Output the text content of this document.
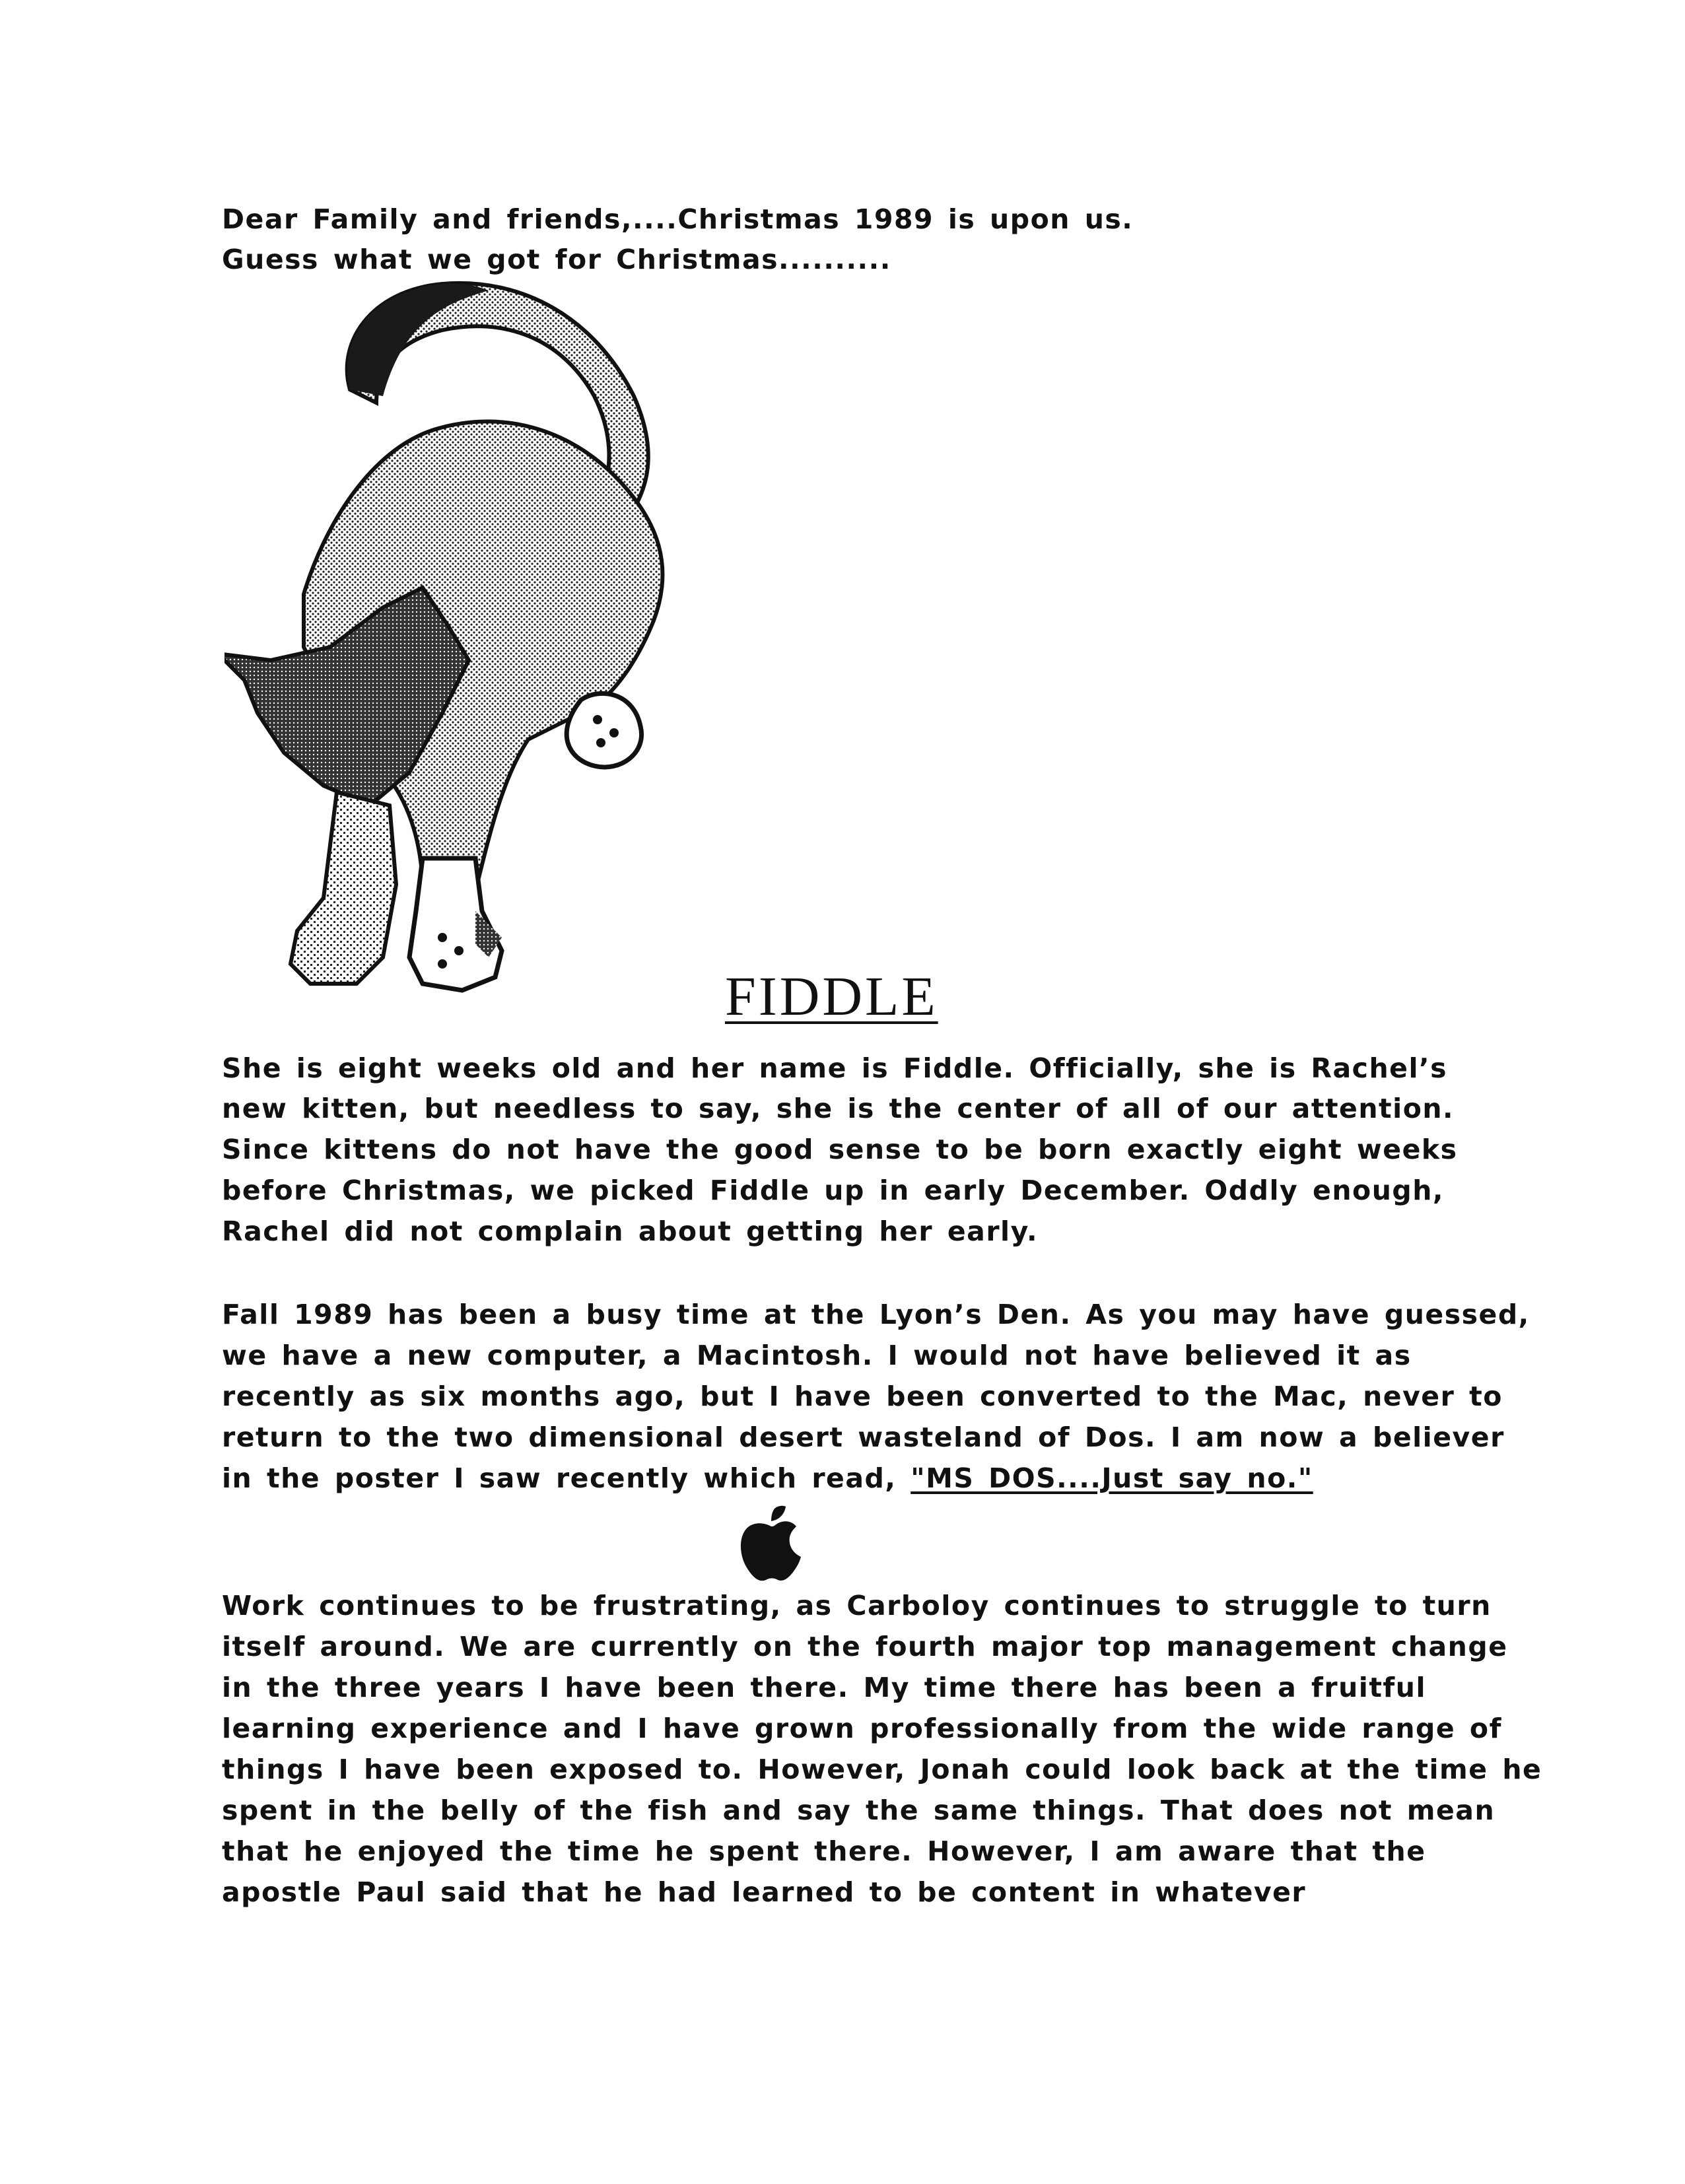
Dear Family and friends,....Christmas 1989 is upon us.
Guess what we got for Christmas..........
FIDDLE
She is eight weeks old and her name is Fiddle. Officially, she is Rachel’s
new kitten, but needless to say, she is the center of all of our attention.
Since kittens do not have the good sense to be born exactly eight weeks
before Christmas, we picked Fiddle up in early December. Oddly enough,
Rachel did not complain about getting her early.
Fall 1989 has been a busy time at the Lyon’s Den. As you may have guessed,
we have a new computer, a Macintosh. I would not have believed it as
recently as six months ago, but I have been converted to the Mac, never to
return to the two dimensional desert wasteland of Dos. I am now a believer
in the poster I saw recently which read, "MS DOS....Just say no."
Work continues to be frustrating, as Carboloy continues to struggle to turn
itself around. We are currently on the fourth major top management change
in the three years I have been there. My time there has been a fruitful
learning experience and I have grown professionally from the wide range of
things I have been exposed to. However, Jonah could look back at the time he
spent in the belly of the fish and say the same things. That does not mean
that he enjoyed the time he spent there. However, I am aware that the
apostle Paul said that he had learned to be content in whatever
